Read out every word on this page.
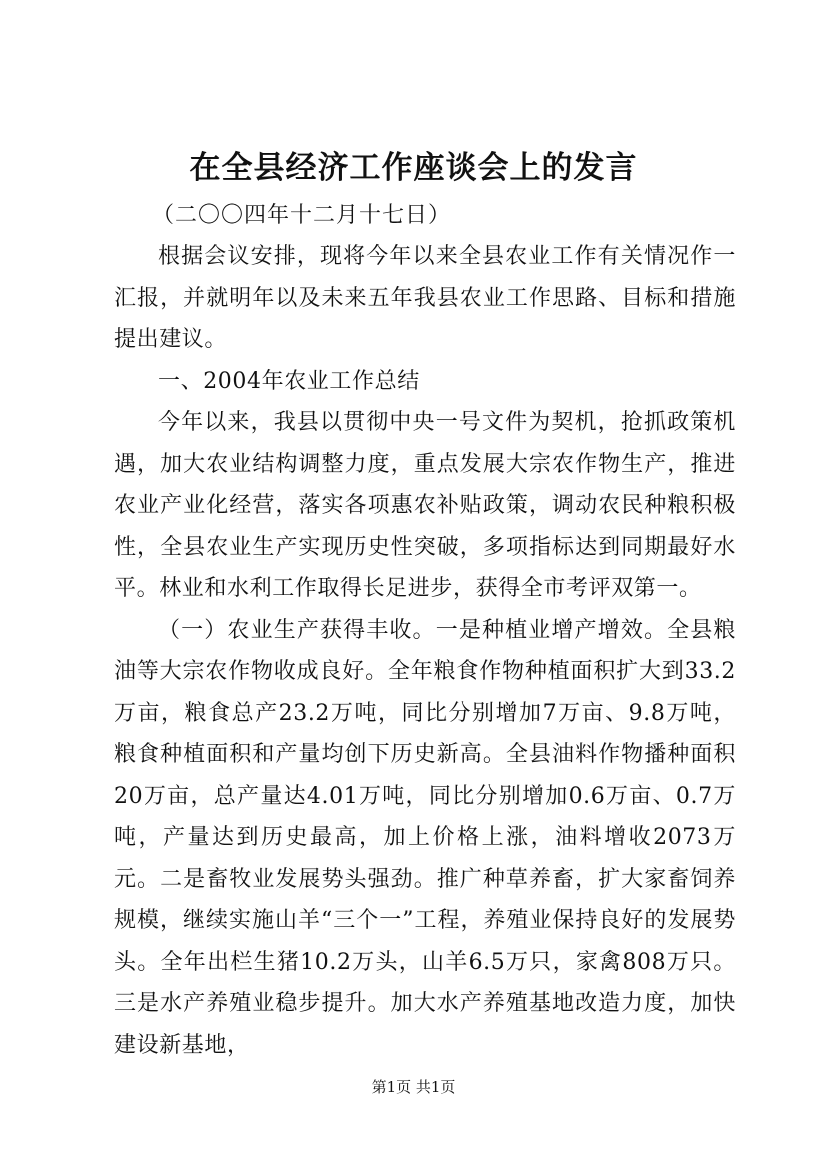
在全县经济工作座谈会上的发言
（二〇〇四年十二月十七日）

根据会议安排，现将今年以来全县农业工作有关情况作一汇报，并就明年以及未来五年我县农业工作思路、目标和措施提出建议。

一、2004年农业工作总结

今年以来，我县以贯彻中央一号文件为契机，抢抓政策机遇，加大农业结构调整力度，重点发展大宗农作物生产，推进农业产业化经营，落实各项惠农补贴政策，调动农民种粮积极性，全县农业生产实现历史性突破，多项指标达到同期最好水平。林业和水利工作取得长足进步，获得全市考评双第一。

（一）农业生产获得丰收。一是种植业增产增效。全县粮油等大宗农作物收成良好。全年粮食作物种植面积扩大到33.2万亩，粮食总产23.2万吨，同比分别增加7万亩、9.8万吨，粮食种植面积和产量均创下历史新高。全县油料作物播种面积20万亩，总产量达4.01万吨，同比分别增加0.6万亩、0.7万吨，产量达到历史最高，加上价格上涨，油料增收2073万元。二是畜牧业发展势头强劲。推广种草养畜，扩大家畜饲养规模，继续实施山羊“三个一”工程，养殖业保持良好的发展势头。全年出栏生猪10.2万头，山羊6.5万只，家禽808万只。三是水产养殖业稳步提升。加大水产养殖基地改造力度，加快建设新基地，

第1页 共1页
